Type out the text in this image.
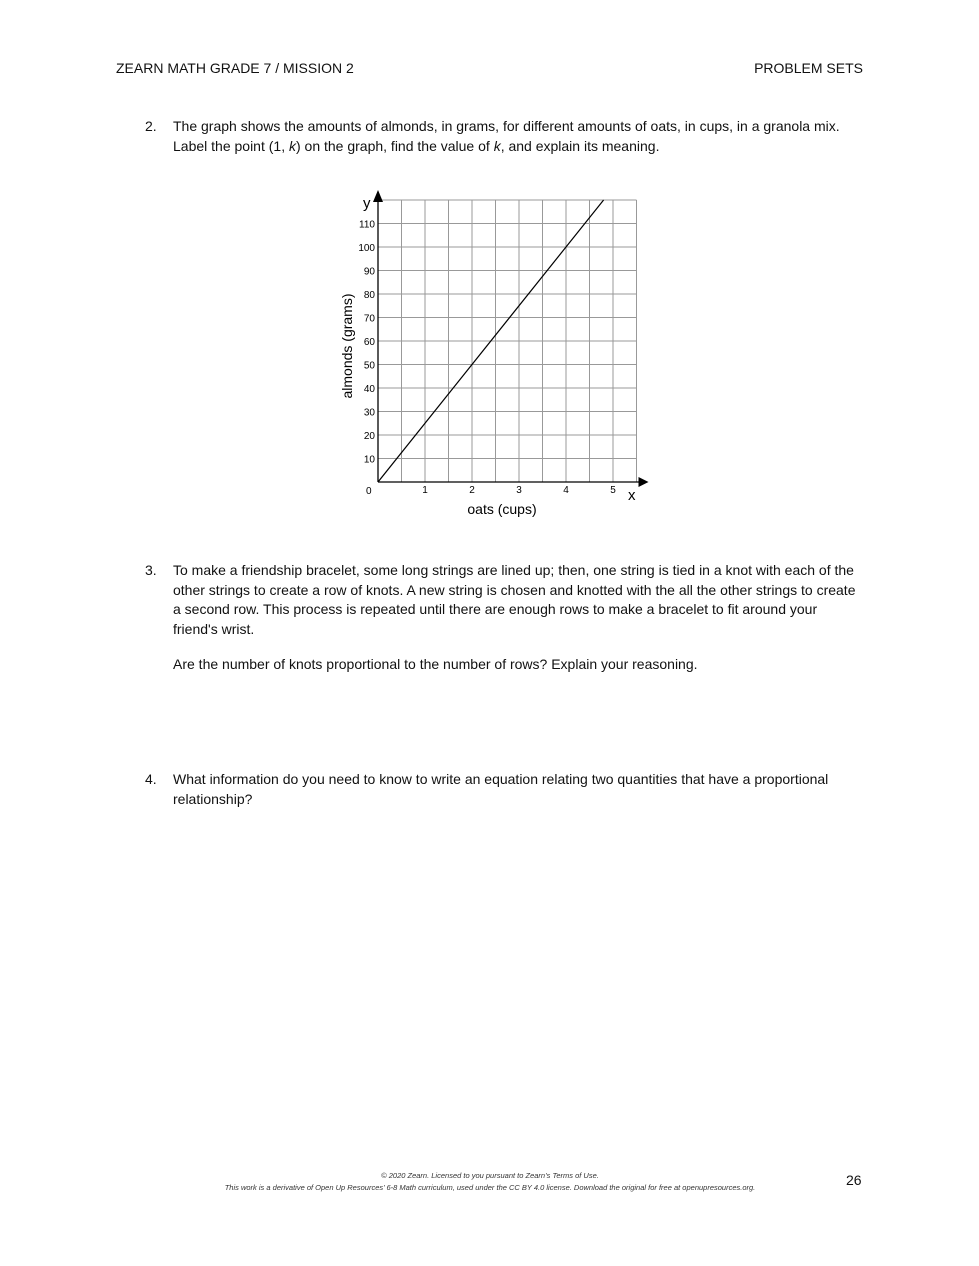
ZEARN MATH GRADE 7 / MISSION 2	PROBLEM SETS
2. The graph shows the amounts of almonds, in grams, for different amounts of oats, in cups, in a granola mix. Label the point (1, k) on the graph, find the value of k, and explain its meaning.
1	2	3	4	5
10
20
30
40
50
60
70
80
90
100
110
almonds (grams)
oats (cups)
y
x
0
3. To make a friendship bracelet, some long strings are lined up; then, one string is tied in a knot with each of the other strings to create a row of knots. A new string is chosen and knotted with the all the other strings to create a second row. This process is repeated until there are enough rows to make a bracelet to fit around your friend's wrist.
Are the number of knots proportional to the number of rows? Explain your reasoning.
4. What information do you need to know to write an equation relating two quantities that have a proportional relationship?
© 2020 Zearn. Licensed to you pursuant to Zearn’s Terms of Use.
This work is a derivative of Open Up Resources’ 6-8 Math curriculum, used under the CC BY 4.0 license. Download the original for free at openupresources.org.	26
